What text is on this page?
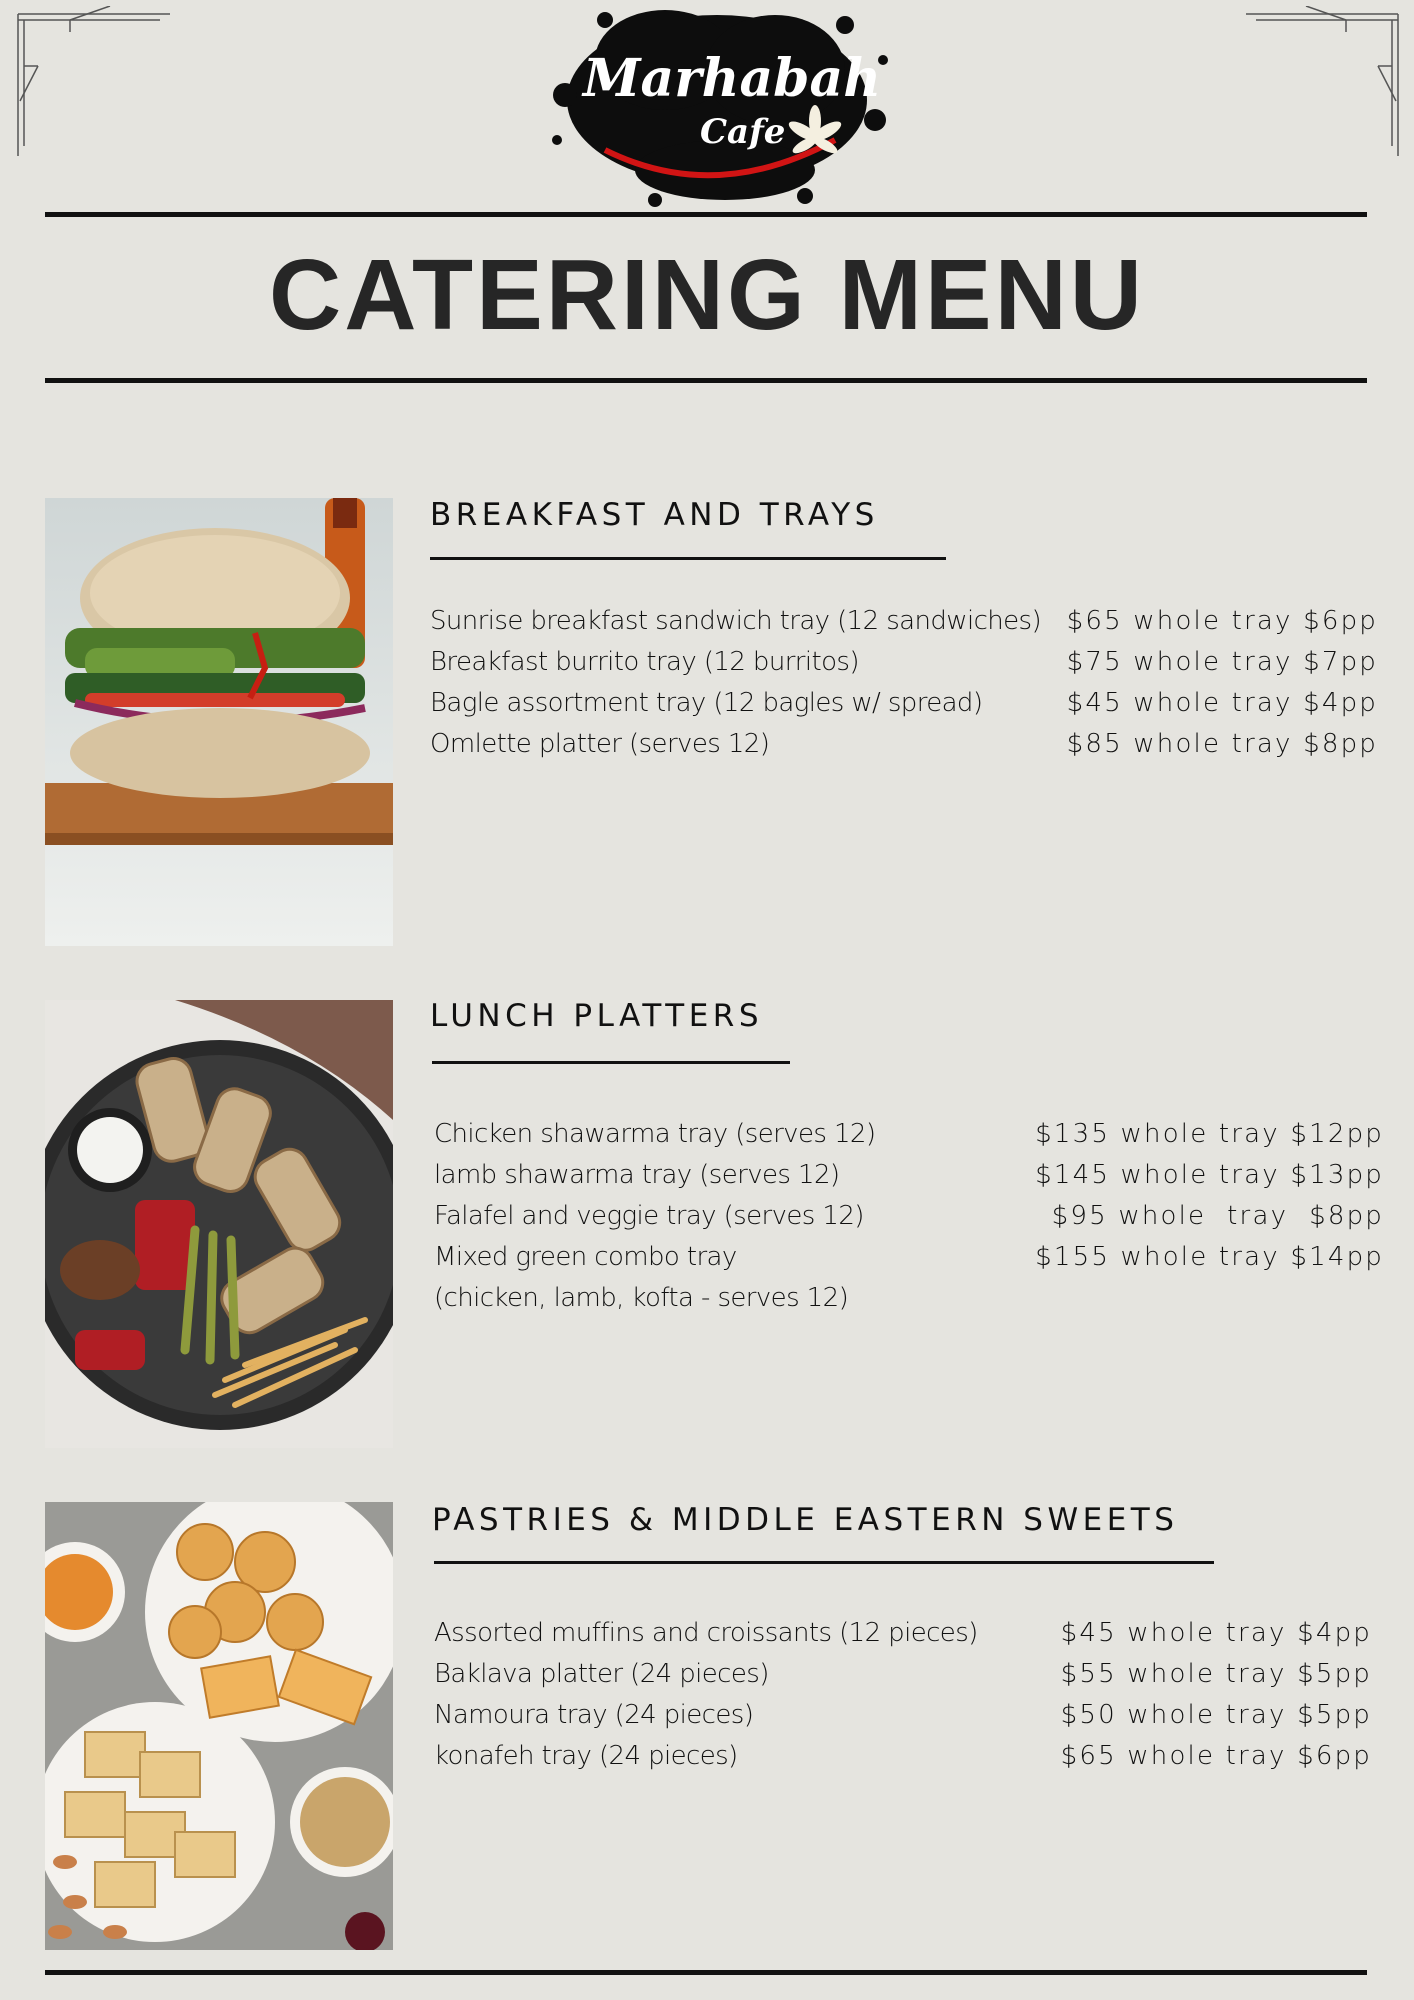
Marhabah
Cafe
CATERING MENU
BREAKFAST AND TRAYS
Sunrise breakfast sandwich tray (12 sandwiches) $65 whole tray $6pp
Breakfast burrito tray (12 burritos)	$75 whole tray $7pp
Bagle assortment tray (12 bagles w/ spread)	$45 whole tray $4pp
Omlette platter (serves 12)	$85 whole tray $8pp
LUNCH PLATTERS
Chicken shawarma tray (serves 12)	$135 whole tray $12pp
lamb shawarma tray (serves 12)	$145 whole tray $13pp
Falafel and veggie tray (serves 12)	$95 whole  tray  $8pp
Mixed green combo tray	$155 whole tray $14pp
(chicken, lamb, kofta - serves 12)
PASTRIES & MIDDLE EASTERN SWEETS
Assorted muffins and croissants (12 pieces)	$45 whole tray $4pp
Baklava platter (24 pieces)	$55 whole tray $5pp
Namoura tray (24 pieces)	$50 whole tray $5pp
konafeh tray (24 pieces)	$65 whole tray $6pp
